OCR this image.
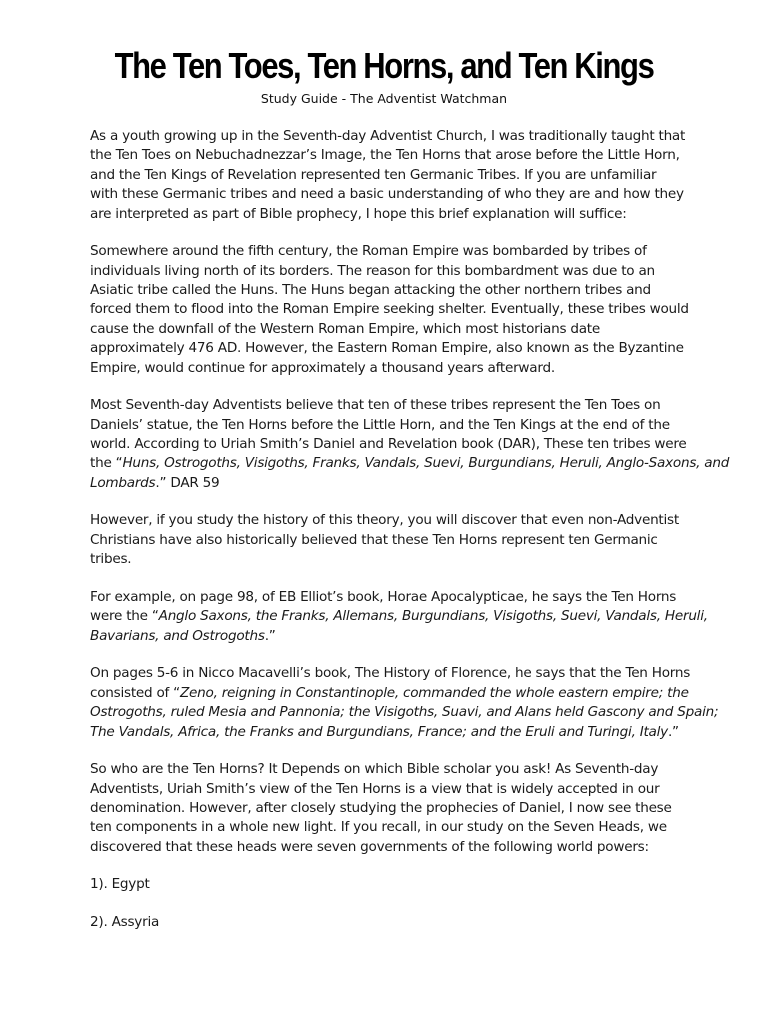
The Ten Toes, Ten Horns, and Ten Kings
Study Guide - The Adventist Watchman
As a youth growing up in the Seventh-day Adventist Church, I was traditionally taught that
the Ten Toes on Nebuchadnezzar’s Image, the Ten Horns that arose before the Little Horn,
and the Ten Kings of Revelation represented ten Germanic Tribes. If you are unfamiliar
with these Germanic tribes and need a basic understanding of who they are and how they
are interpreted as part of Bible prophecy, I hope this brief explanation will suffice:
Somewhere around the fifth century, the Roman Empire was bombarded by tribes of
individuals living north of its borders. The reason for this bombardment was due to an
Asiatic tribe called the Huns. The Huns began attacking the other northern tribes and
forced them to flood into the Roman Empire seeking shelter. Eventually, these tribes would
cause the downfall of the Western Roman Empire, which most historians date
approximately 476 AD. However, the Eastern Roman Empire, also known as the Byzantine
Empire, would continue for approximately a thousand years afterward.
Most Seventh-day Adventists believe that ten of these tribes represent the Ten Toes on
Daniels’ statue, the Ten Horns before the Little Horn, and the Ten Kings at the end of the
world. According to Uriah Smith’s Daniel and Revelation book (DAR), These ten tribes were
the “Huns, Ostrogoths, Visigoths, Franks, Vandals, Suevi, Burgundians, Heruli, Anglo-Saxons, and
Lombards.” DAR 59
However, if you study the history of this theory, you will discover that even non-Adventist
Christians have also historically believed that these Ten Horns represent ten Germanic
tribes.
For example, on page 98, of EB Elliot’s book, Horae Apocalypticae, he says the Ten Horns
were the “Anglo Saxons, the Franks, Allemans, Burgundians, Visigoths, Suevi, Vandals, Heruli,
Bavarians, and Ostrogoths.”
On pages 5-6 in Nicco Macavelli’s book, The History of Florence, he says that the Ten Horns
consisted of “Zeno, reigning in Constantinople, commanded the whole eastern empire; the
Ostrogoths, ruled Mesia and Pannonia; the Visigoths, Suavi, and Alans held Gascony and Spain;
The Vandals, Africa, the Franks and Burgundians, France; and the Eruli and Turingi, Italy.”
So who are the Ten Horns? It Depends on which Bible scholar you ask! As Seventh-day
Adventists, Uriah Smith’s view of the Ten Horns is a view that is widely accepted in our
denomination. However, after closely studying the prophecies of Daniel, I now see these
ten components in a whole new light. If you recall, in our study on the Seven Heads, we
discovered that these heads were seven governments of the following world powers:
1). Egypt
2). Assyria
